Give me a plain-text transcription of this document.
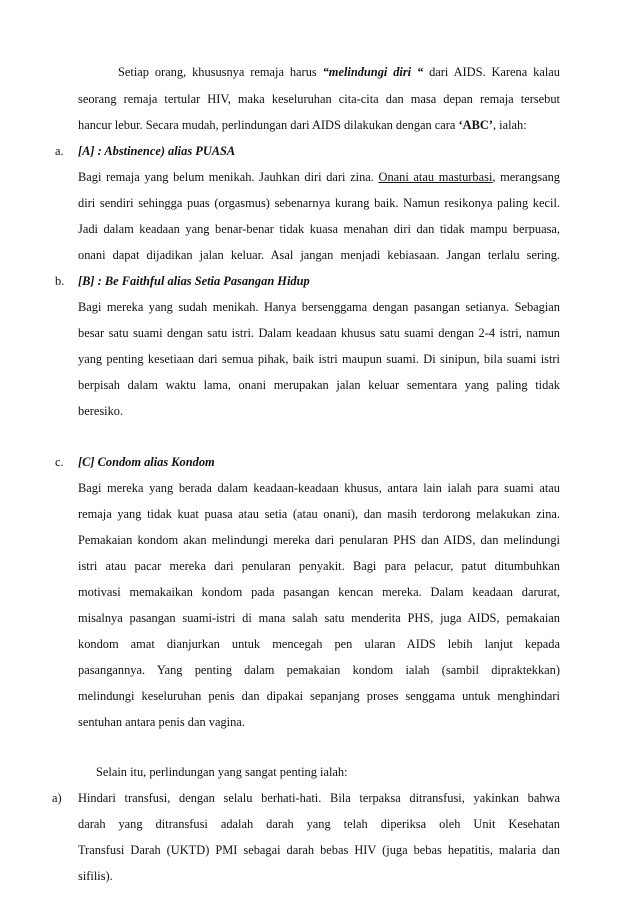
Setiap orang, khususnya remaja harus “melindungi diri “ dari AIDS. Karena kalau
seorang remaja tertular HIV, maka keseluruhan cita-cita dan masa depan remaja tersebut
hancur lebur. Secara mudah, perlindungan dari AIDS dilakukan dengan cara ‘ABC’, ialah:
a. [A] : Abstinence) alias PUASA
Bagi remaja yang belum menikah. Jauhkan diri dari zina. Onani atau masturbasi, merangsang
diri sendiri sehingga puas (orgasmus) sebenarnya kurang baik. Namun resikonya paling kecil.
Jadi dalam keadaan yang benar-benar tidak kuasa menahan diri dan tidak mampu berpuasa,
onani dapat dijadikan jalan keluar. Asal jangan menjadi kebiasaan. Jangan terlalu sering.
b. [B] : Be Faithful alias Setia Pasangan Hidup
Bagi mereka yang sudah menikah. Hanya bersenggama dengan pasangan setianya. Sebagian
besar satu suami dengan satu istri. Dalam keadaan khusus satu suami dengan 2-4 istri, namun
yang penting kesetiaan dari semua pihak, baik istri maupun suami. Di sinipun, bila suami istri
berpisah dalam waktu lama, onani merupakan jalan keluar sementara yang paling tidak
beresiko.
c. [C] Condom alias Kondom
Bagi mereka yang berada dalam keadaan-keadaan khusus, antara lain ialah para suami atau
remaja yang tidak kuat puasa atau setia (atau onani), dan masih terdorong melakukan zina.
Pemakaian kondom akan melindungi mereka dari penularan PHS dan AIDS, dan melindungi
istri atau pacar mereka dari penularan penyakit. Bagi para pelacur, patut ditumbuhkan
motivasi memakaikan kondom pada pasangan kencan mereka. Dalam keadaan darurat,
misalnya pasangan suami-istri di mana salah satu menderita PHS, juga AIDS, pemakaian
kondom amat dianjurkan untuk mencegah pen ularan AIDS lebih lanjut kepada
pasangannya. Yang penting dalam pemakaian kondom ialah (sambil dipraktekkan)
melindungi keseluruhan penis dan dipakai sepanjang proses senggama untuk menghindari
sentuhan antara penis dan vagina.
Selain itu, perlindungan yang sangat penting ialah:
a) Hindari transfusi, dengan selalu berhati-hati. Bila terpaksa ditransfusi, yakinkan bahwa
darah yang ditransfusi adalah darah yang telah diperiksa oleh Unit Kesehatan
Transfusi Darah (UKTD) PMI sebagai darah bebas HIV (juga bebas hepatitis, malaria dan
sifilis).
